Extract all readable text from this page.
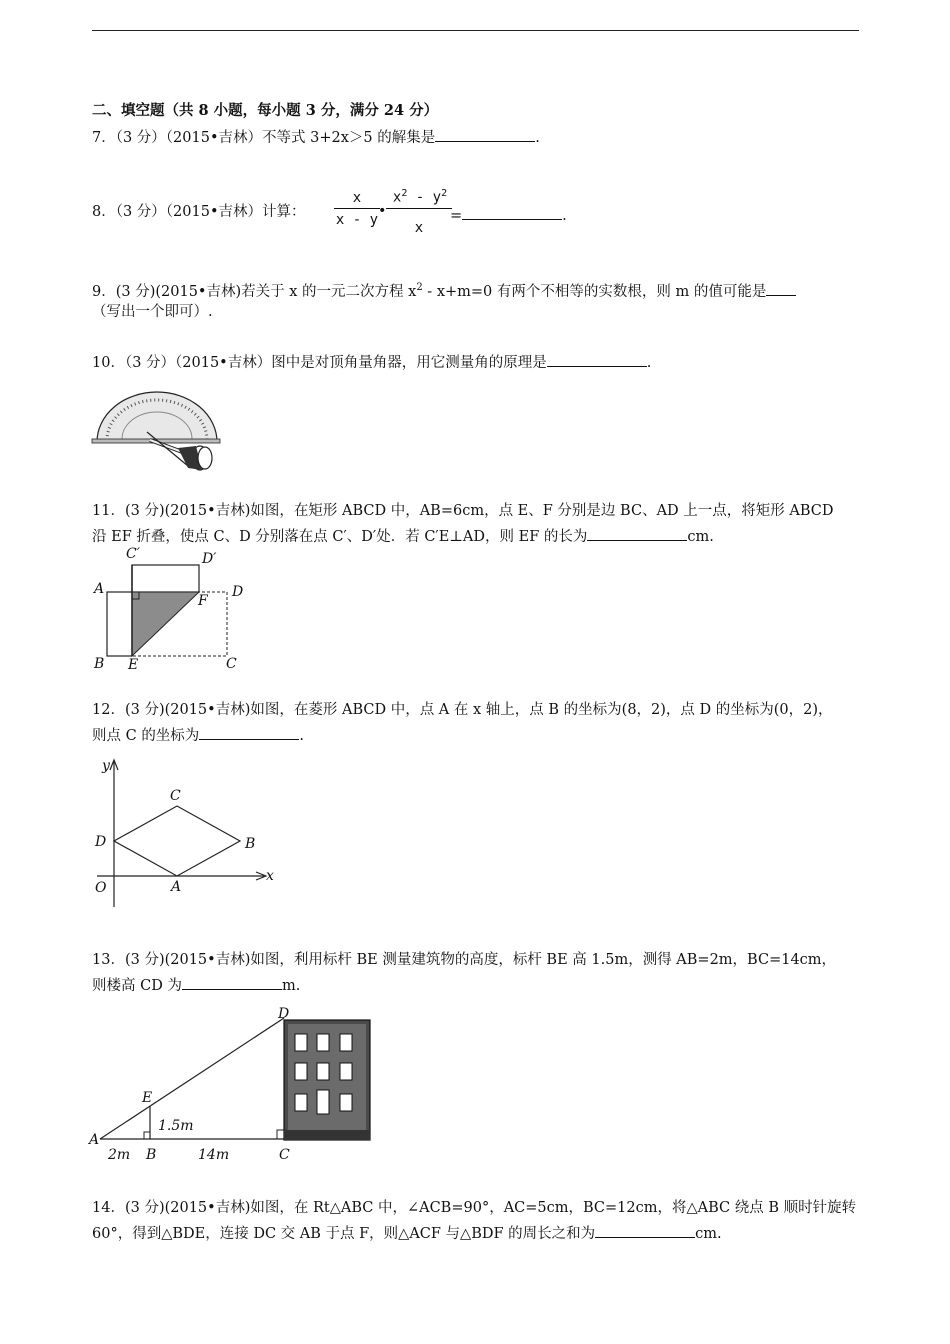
二、填空题（共 8 小题，每小题 3 分，满分 24 分）
7．（3 分）（2015•吉林）不等式 3+2x＞5 的解集是	.
8．（3 分）（2015•吉林）计算：
x
x - y
•
$x^2 - y^2$
x
=	.
9．(3 分)(2015•吉林)若关于 x 的一元二次方程 $x^2 - x+m=0$ 有两个不相等的实数根，则 m 的值可能是
（写出一个即可）.
10．（3 分）（2015•吉林）图中是对顶角量角器，用它测量角的原理是	.
11．(3 分)(2015•吉林)如图，在矩形 ABCD 中，AB=6cm，点 E、F 分别是边 BC、AD 上一点，将矩形 ABCD
沿 EF 折叠，使点 C、D 分别落在点 C′、D′处．若 C′E⊥AD，则 EF 的长为	cm.
A
B	C
D
E
F
C′	D′
12．(3 分)(2015•吉林)如图，在菱形 ABCD 中，点 A 在 x 轴上，点 B 的坐标为(8，2)，点 D 的坐标为(0，2)，
则点 C 的坐标为	.
y
x
O	A
B
C
D
13．(3 分)(2015•吉林)如图，利用标杆 BE 测量建筑物的高度，标杆 BE 高 1.5m，测得 AB=2m，BC=14cm，
则楼高 CD 为	m.
A
B	C
D
E
1.5m
2m	14m
14．(3 分)(2015•吉林)如图，在 Rt△ABC 中，∠ACB=90°，AC=5cm，BC=12cm，将△ABC 绕点 B 顺时针旋转
60°，得到△BDE，连接 DC 交 AB 于点 F，则△ACF 与△BDF 的周长之和为	cm.
